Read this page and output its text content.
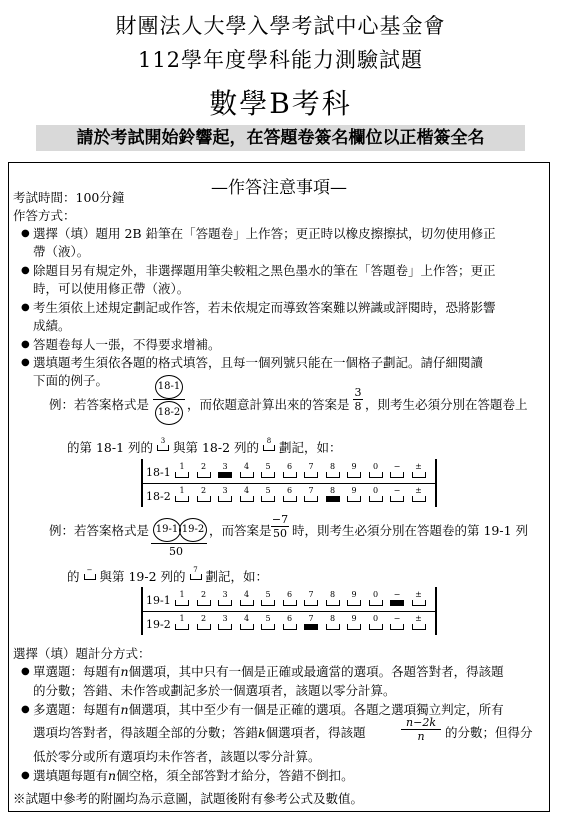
財團法人大學入學考試中心基金會
112學年度學科能力測驗試題
數學B考科
請於考試開始鈴響起，在答題卷簽名欄位以正楷簽全名
—作答注意事項—
考試時間：100分鐘
作答方式：
● 選擇（填）題用 2B 鉛筆在「答題卷」上作答；更正時以橡皮擦擦拭，切勿使用修正
帶（液）。
● 除題目另有規定外，非選擇題用筆尖較粗之黑色墨水的筆在「答題卷」上作答；更正
時，可以使用修正帶（液）。
● 考生須依上述規定劃記或作答，若未依規定而導致答案難以辨識或評閱時，恐將影響
成績。
● 答題卷每人一張，不得要求增補。
● 選填題考生須依各題的格式填答，且每一個列號只能在一個格子劃記。請仔細閱讀
下面的例子。
例：若答案格式是
18-1
18-2
，而依題意計算出來的答案是 $\frac{3}{8}$ ，則考生必須分別在答題卷上
的第 18-1 列的 3 與第 18-2 列的 8 劃記，如：
18-1	1	2	3	4	5	6	7	8	9	0	−	±
18-2	1	2	3	4	5	6	7	8	9	0	−	±
例：若答案格式是 19-1 19-2
50
，而答案是 $\frac{-7}{50}$ 時，則考生必須分別在答題卷的第 19-1 列
的 − 與第 19-2 列的 7 劃記，如：
19-1	1	2	3	4	5	6	7	8	9	0	−	±
19-2	1	2	3	4	5	6	7	8	9	0	−	±
選擇（填）題計分方式：
● 單選題：每題有n個選項，其中只有一個是正確或最適當的選項。各題答對者，得該題
的分數；答錯、未作答或劃記多於一個選項者，該題以零分計算。
● 多選題：每題有n個選項，其中至少有一個是正確的選項。各題之選項獨立判定，所有
選項均答對者，得該題全部的分數；答錯k個選項者，得該題	$\frac{n-2k}{n}$ 的分數；但得分
低於零分或所有選項均未作答者，該題以零分計算。
● 選填題每題有n個空格，須全部答對才給分，答錯不倒扣。
※試題中參考的附圖均為示意圖，試題後附有參考公式及數值。
